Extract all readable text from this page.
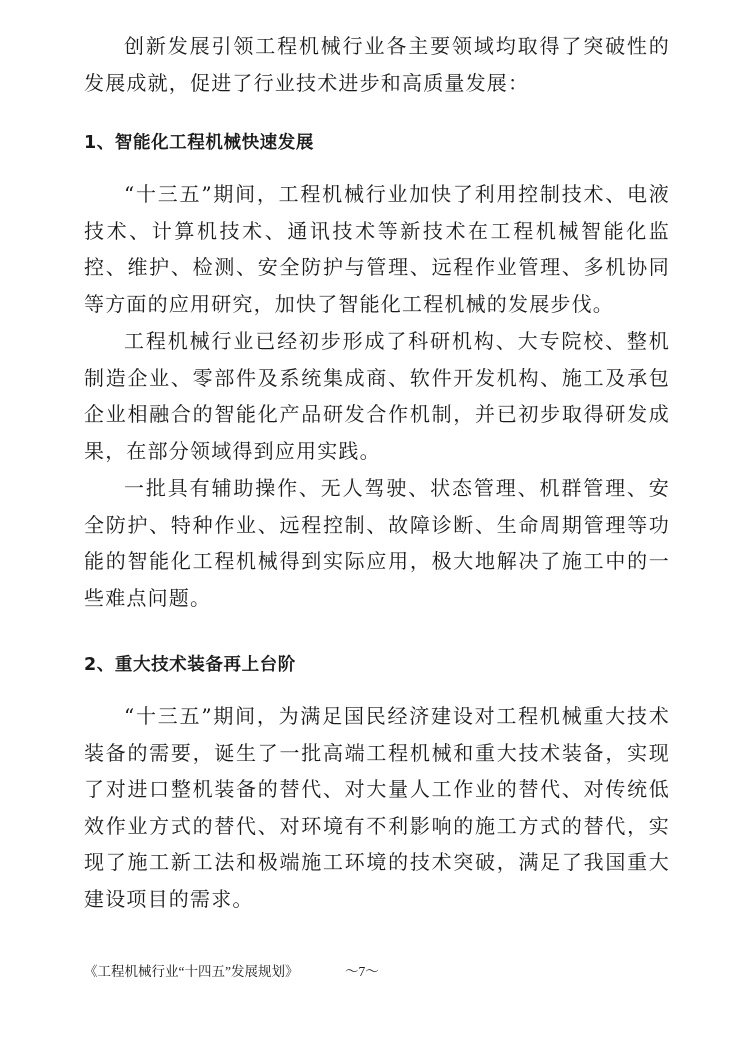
创新发展引领工程机械行业各主要领域均取得了突破性的发展成就，促进了行业技术进步和高质量发展：

1、智能化工程机械快速发展

“十三五”期间，工程机械行业加快了利用控制技术、电液技术、计算机技术、通讯技术等新技术在工程机械智能化监控、维护、检测、安全防护与管理、远程作业管理、多机协同等方面的应用研究，加快了智能化工程机械的发展步伐。

工程机械行业已经初步形成了科研机构、大专院校、整机制造企业、零部件及系统集成商、软件开发机构、施工及承包企业相融合的智能化产品研发合作机制，并已初步取得研发成果，在部分领域得到应用实践。

一批具有辅助操作、无人驾驶、状态管理、机群管理、安全防护、特种作业、远程控制、故障诊断、生命周期管理等功能的智能化工程机械得到实际应用，极大地解决了施工中的一些难点问题。

2、重大技术装备再上台阶

“十三五”期间，为满足国民经济建设对工程机械重大技术装备的需要，诞生了一批高端工程机械和重大技术装备，实现了对进口整机装备的替代、对大量人工作业的替代、对传统低效作业方式的替代、对环境有不利影响的施工方式的替代，实现了施工新工法和极端施工环境的技术突破，满足了我国重大建设项目的需求。

《工程机械行业“十四五”发展规划》	～7～
